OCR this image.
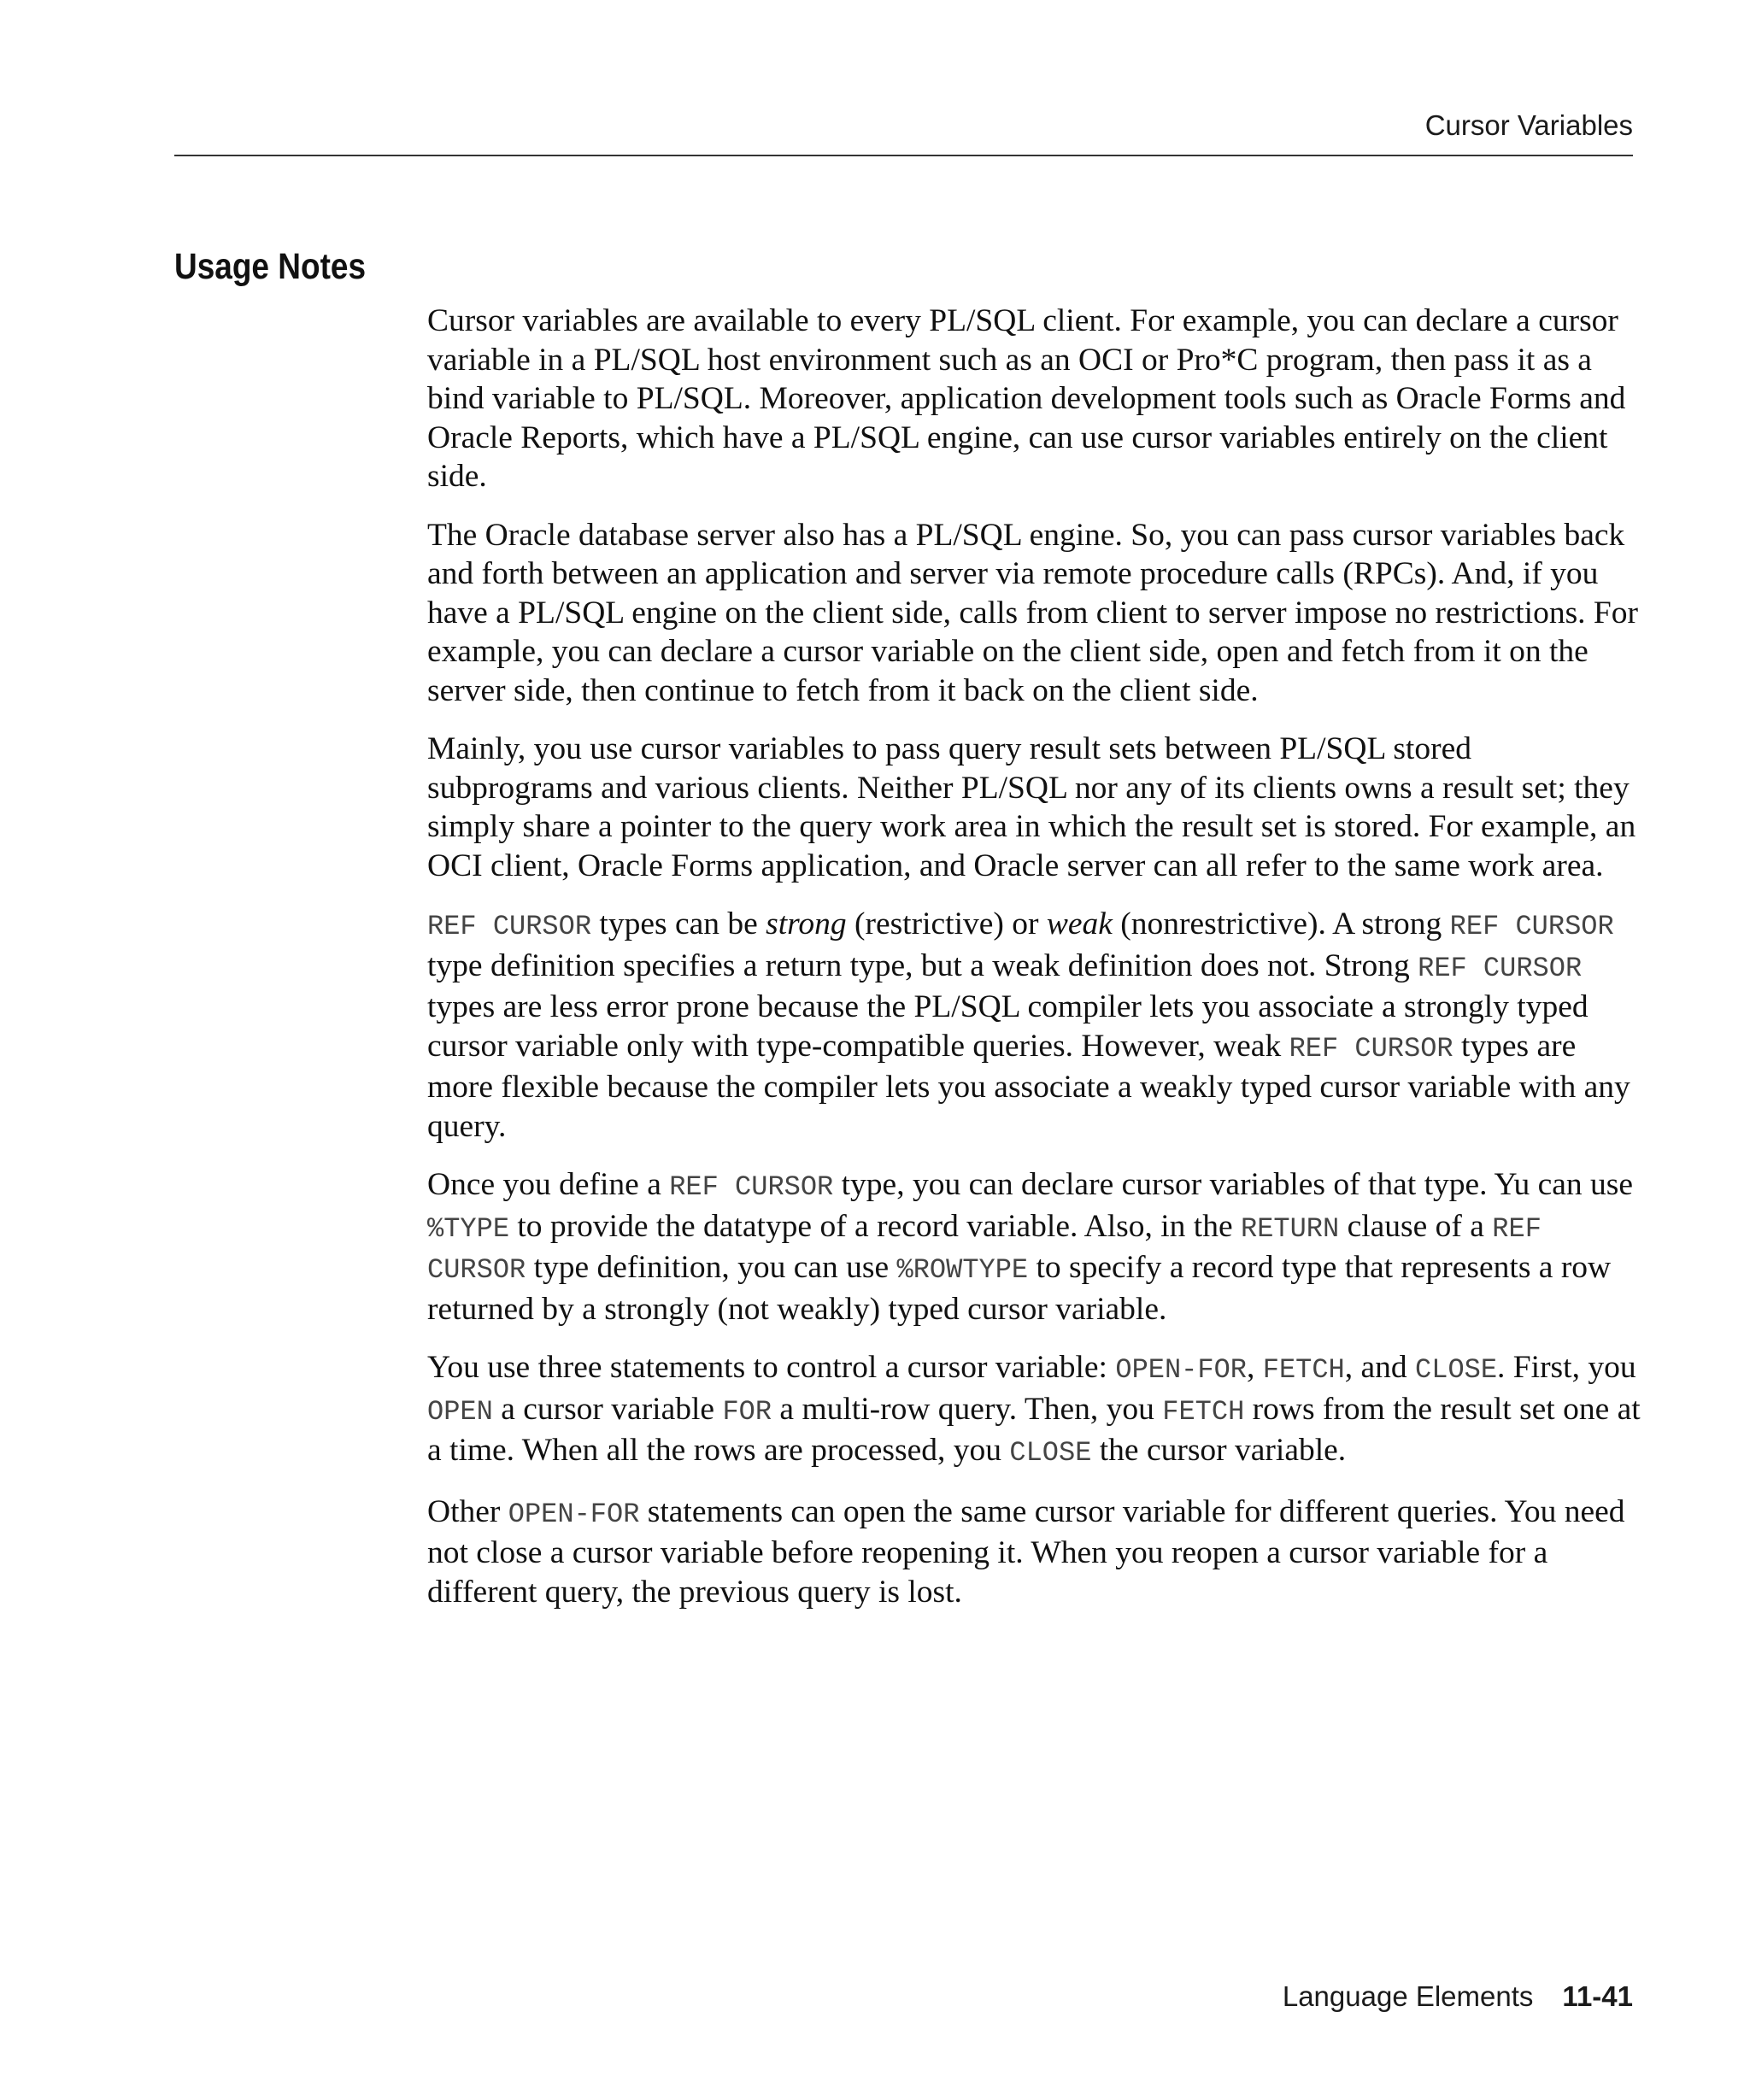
Cursor Variables
Usage Notes

Cursor variables are available to every PL/SQL client. For example, you can declare a cursor variable in a PL/SQL host environment such as an OCI or Pro*C program, then pass it as a bind variable to PL/SQL. Moreover, application development tools such as Oracle Forms and Oracle Reports, which have a PL/SQL engine, can use cursor variables entirely on the client side.

The Oracle database server also has a PL/SQL engine. So, you can pass cursor variables back and forth between an application and server via remote procedure calls (RPCs). And, if you have a PL/SQL engine on the client side, calls from client to server impose no restrictions. For example, you can declare a cursor variable on the client side, open and fetch from it on the server side, then continue to fetch from it back on the client side.

Mainly, you use cursor variables to pass query result sets between PL/SQL stored subprograms and various clients. Neither PL/SQL nor any of its clients owns a result set; they simply share a pointer to the query work area in which the result set is stored. For example, an OCI client, Oracle Forms application, and Oracle server can all refer to the same work area.

REF CURSOR types can be strong (restrictive) or weak (nonrestrictive). A strong REF CURSOR type definition specifies a return type, but a weak definition does not. Strong REF CURSOR types are less error prone because the PL/SQL compiler lets you associate a strongly typed cursor variable only with type-compatible queries. However, weak REF CURSOR types are more flexible because the compiler lets you associate a weakly typed cursor variable with any query.

Once you define a REF CURSOR type, you can declare cursor variables of that type. Yu can use %TYPE to provide the datatype of a record variable. Also, in the RETURN clause of a REF CURSOR type definition, you can use %ROWTYPE to specify a record type that represents a row returned by a strongly (not weakly) typed cursor variable.

You use three statements to control a cursor variable: OPEN-FOR, FETCH, and CLOSE. First, you OPEN a cursor variable FOR a multi-row query. Then, you FETCH rows from the result set one at a time. When all the rows are processed, you CLOSE the cursor variable.

Other OPEN-FOR statements can open the same cursor variable for different queries. You need not close a cursor variable before reopening it. When you reopen a cursor variable for a different query, the previous query is lost.

Language Elements 11-41
